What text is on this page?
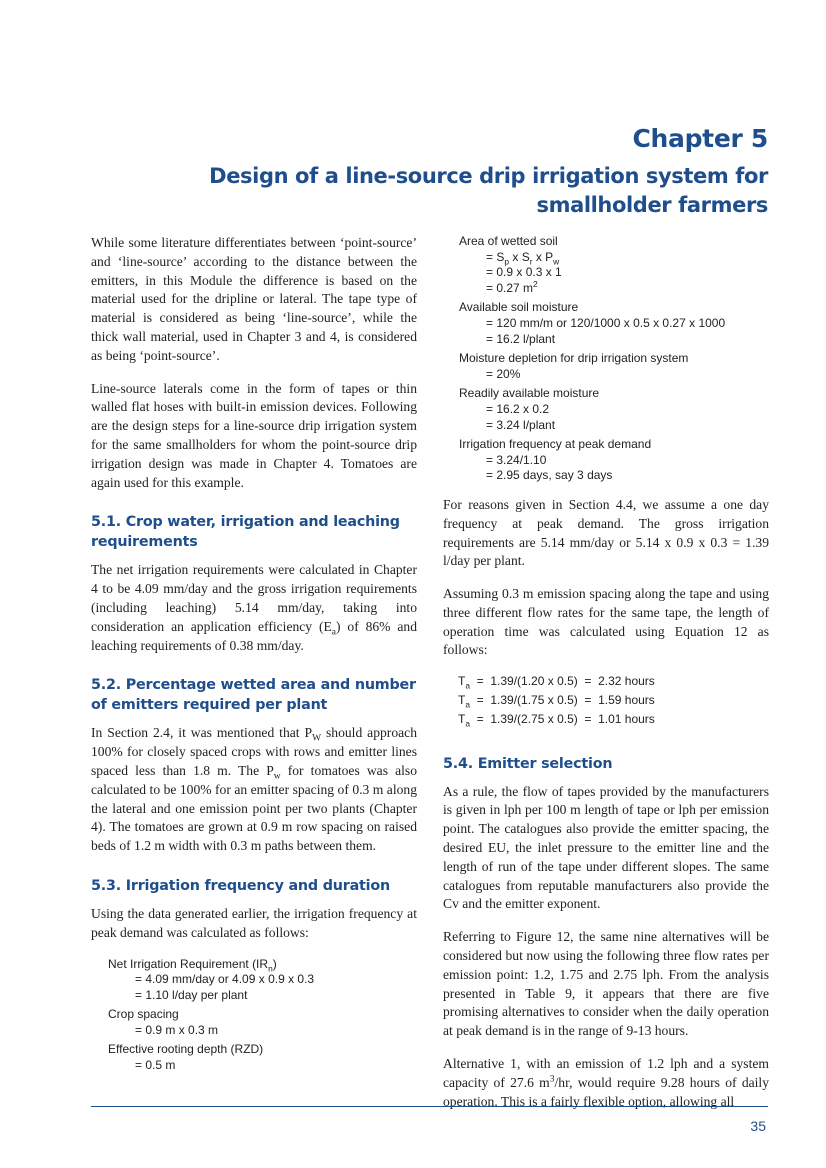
Chapter 5
Design of a line-source drip irrigation system for smallholder farmers

While some literature differentiates between ‘point-source’ and ‘line-source’ according to the distance between the emitters, in this Module the difference is based on the material used for the dripline or lateral. The tape type of material is considered as being ‘line-source’, while the thick wall material, used in Chapter 3 and 4, is considered as being ‘point-source’.

Line-source laterals come in the form of tapes or thin walled flat hoses with built-in emission devices. Following are the design steps for a line-source drip irrigation system for the same smallholders for whom the point-source drip irrigation design was made in Chapter 4. Tomatoes are again used for this example.

5.1. Crop water, irrigation and leaching requirements

The net irrigation requirements were calculated in Chapter 4 to be 4.09 mm/day and the gross irrigation requirements (including leaching) 5.14 mm/day, taking into consideration an application efficiency $(E_a)$ of 86% and leaching requirements of 0.38 mm/day.

5.2. Percentage wetted area and number of emitters required per plant

In Section 2.4, it was mentioned that $P_W$ should approach 100% for closely spaced crops with rows and emitter lines spaced less than 1.8 m. The $P_w$ for tomatoes was also calculated to be 100% for an emitter spacing of 0.3 m along the lateral and one emission point per two plants (Chapter 4). The tomatoes are grown at 0.9 m row spacing on raised beds of 1.2 m width with 0.3 m paths between them.

5.3. Irrigation frequency and duration

Using the data generated earlier, the irrigation frequency at peak demand was calculated as follows:

Net Irrigation Requirement $(IR_n)$

= 4.09 mm/day or 4.09 x 0.9 x 0.3

= 1.10 l/day per plant

Crop spacing

= 0.9 m x 0.3 m

Effective rooting depth (RZD)

= 0.5 m

Area of wetted soil

= $S_p$ x $S_r$ x $P_w$

= 0.9 x 0.3 x 1

= 0.27 $m^2$

Available soil moisture

= 120 mm/m or 120/1000 x 0.5 x 0.27 x 1000

= 16.2 l/plant

Moisture depletion for drip irrigation system

= 20%

Readily available moisture

= 16.2 x 0.2

= 3.24 l/plant

Irrigation frequency at peak demand

= 3.24/1.10

= 2.95 days, say 3 days

For reasons given in Section 4.4, we assume a one day frequency at peak demand. The gross irrigation requirements are 5.14 mm/day or 5.14 x 0.9 x 0.3 = 1.39 l/day per plant.

Assuming 0.3 m emission spacing along the tape and using three different flow rates for the same tape, the length of operation time was calculated using Equation 12 as follows:

$T_a = 1.39/(1.20$ x 0.5)  =  2.32 hours

$T_a = 1.39/(1.75$ x 0.5)  =  1.59 hours

$T_a = 1.39/(2.75$ x 0.5)  =  1.01 hours

5.4. Emitter selection

As a rule, the flow of tapes provided by the manufacturers is given in lph per 100 m length of tape or lph per emission point. The catalogues also provide the emitter spacing, the desired EU, the inlet pressure to the emitter line and the length of run of the tape under different slopes. The same catalogues from reputable manufacturers also provide the Cv and the emitter exponent.

Referring to Figure 12, the same nine alternatives will be considered but now using the following three flow rates per emission point: 1.2, 1.75 and 2.75 lph. From the analysis presented in Table 9, it appears that there are five promising alternatives to consider when the daily operation at peak demand is in the range of 9-13 hours.

Alternative 1, with an emission of 1.2 lph and a system capacity of 27.6 $m^3/hr$, would require 9.28 hours of daily operation. This is a fairly flexible option, allowing all

35
